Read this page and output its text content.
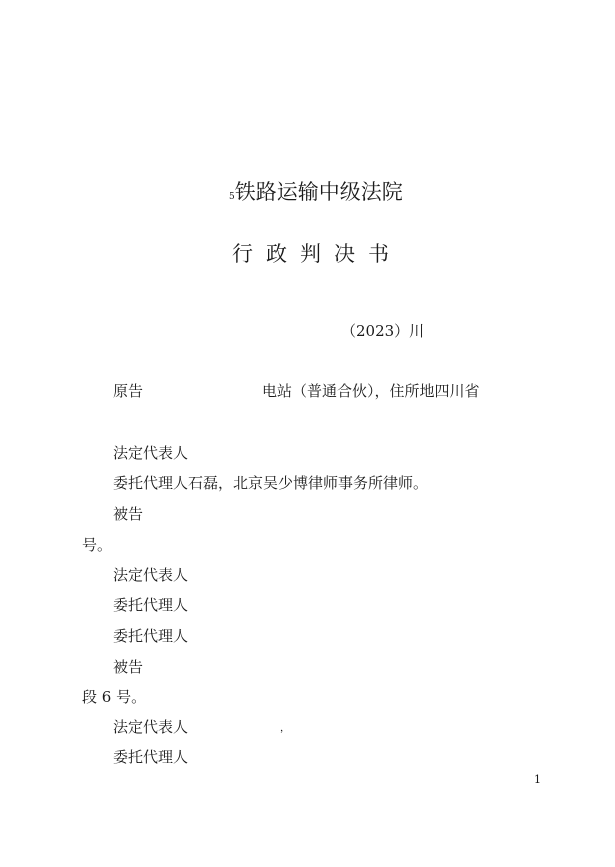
5铁路运输中级法院
行政判决书
（2023）川
原告	电站（普通合伙），住所地四川省
法定代表人
委托代理人石磊，北京吴少博律师事务所律师。
被告
号。
法定代表人
委托代理人
委托代理人
被告
段 6 号。
法定代表人	，
委托代理人
1
